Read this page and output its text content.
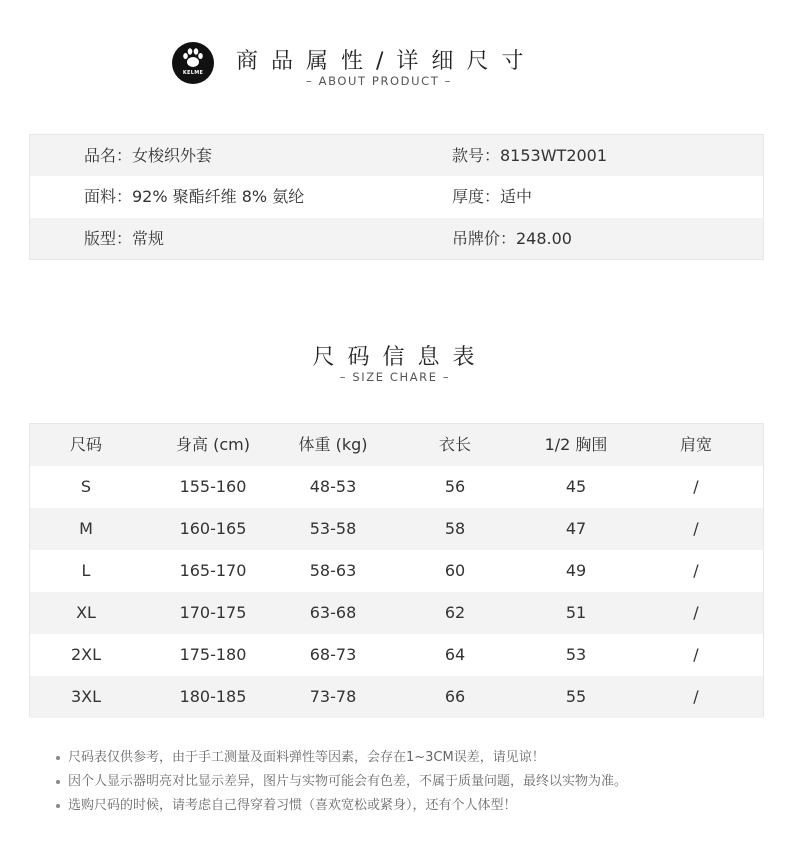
KELME	商品属性/详细尺寸
– ABOUT PRODUCT –
品名：女梭织外套	款号：8153WT2001
面料：92% 聚酯纤维 8% 氨纶	厚度：适中
版型：常规	吊牌价：248.00
尺码信息表
– SIZE CHARE –
尺码	身高 (cm)	体重 (kg)	衣长	1/2 胸围	肩宽
S	155-160	48-53	56	45	/
M	160-165	53-58	58	47	/
L	165-170	58-63	60	49	/
XL	170-175	63-68	62	51	/
2XL	175-180	68-73	64	53	/
3XL	180-185	73-78	66	55	/
尺码表仅供参考，由于手工测量及面料弹性等因素，会存在1~3CM误差，请见谅！
因个人显示器明亮对比显示差异，图片与实物可能会有色差，不属于质量问题，最终以实物为准。
选购尺码的时候，请考虑自己得穿着习惯（喜欢宽松或紧身），还有个人体型！
